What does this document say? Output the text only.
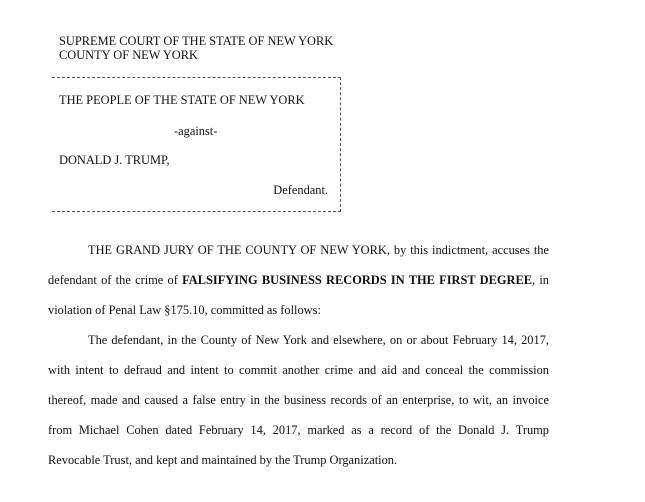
SUPREME COURT OF THE STATE OF NEW YORK
COUNTY OF NEW YORK
THE PEOPLE OF THE STATE OF NEW YORK
-against-
DONALD J. TRUMP,
Defendant.

THE GRAND JURY OF THE COUNTY OF NEW YORK, by this indictment, accuses the defendant of the crime of FALSIFYING BUSINESS RECORDS IN THE FIRST DEGREE, in violation of Penal Law §175.10, committed as follows:

The defendant, in the County of New York and elsewhere, on or about February 14, 2017, with intent to defraud and intent to commit another crime and aid and conceal the commission thereof, made and caused a false entry in the business records of an enterprise, to wit, an invoice from Michael Cohen dated February 14, 2017, marked as a record of the Donald J. Trump Revocable Trust, and kept and maintained by the Trump Organization.
